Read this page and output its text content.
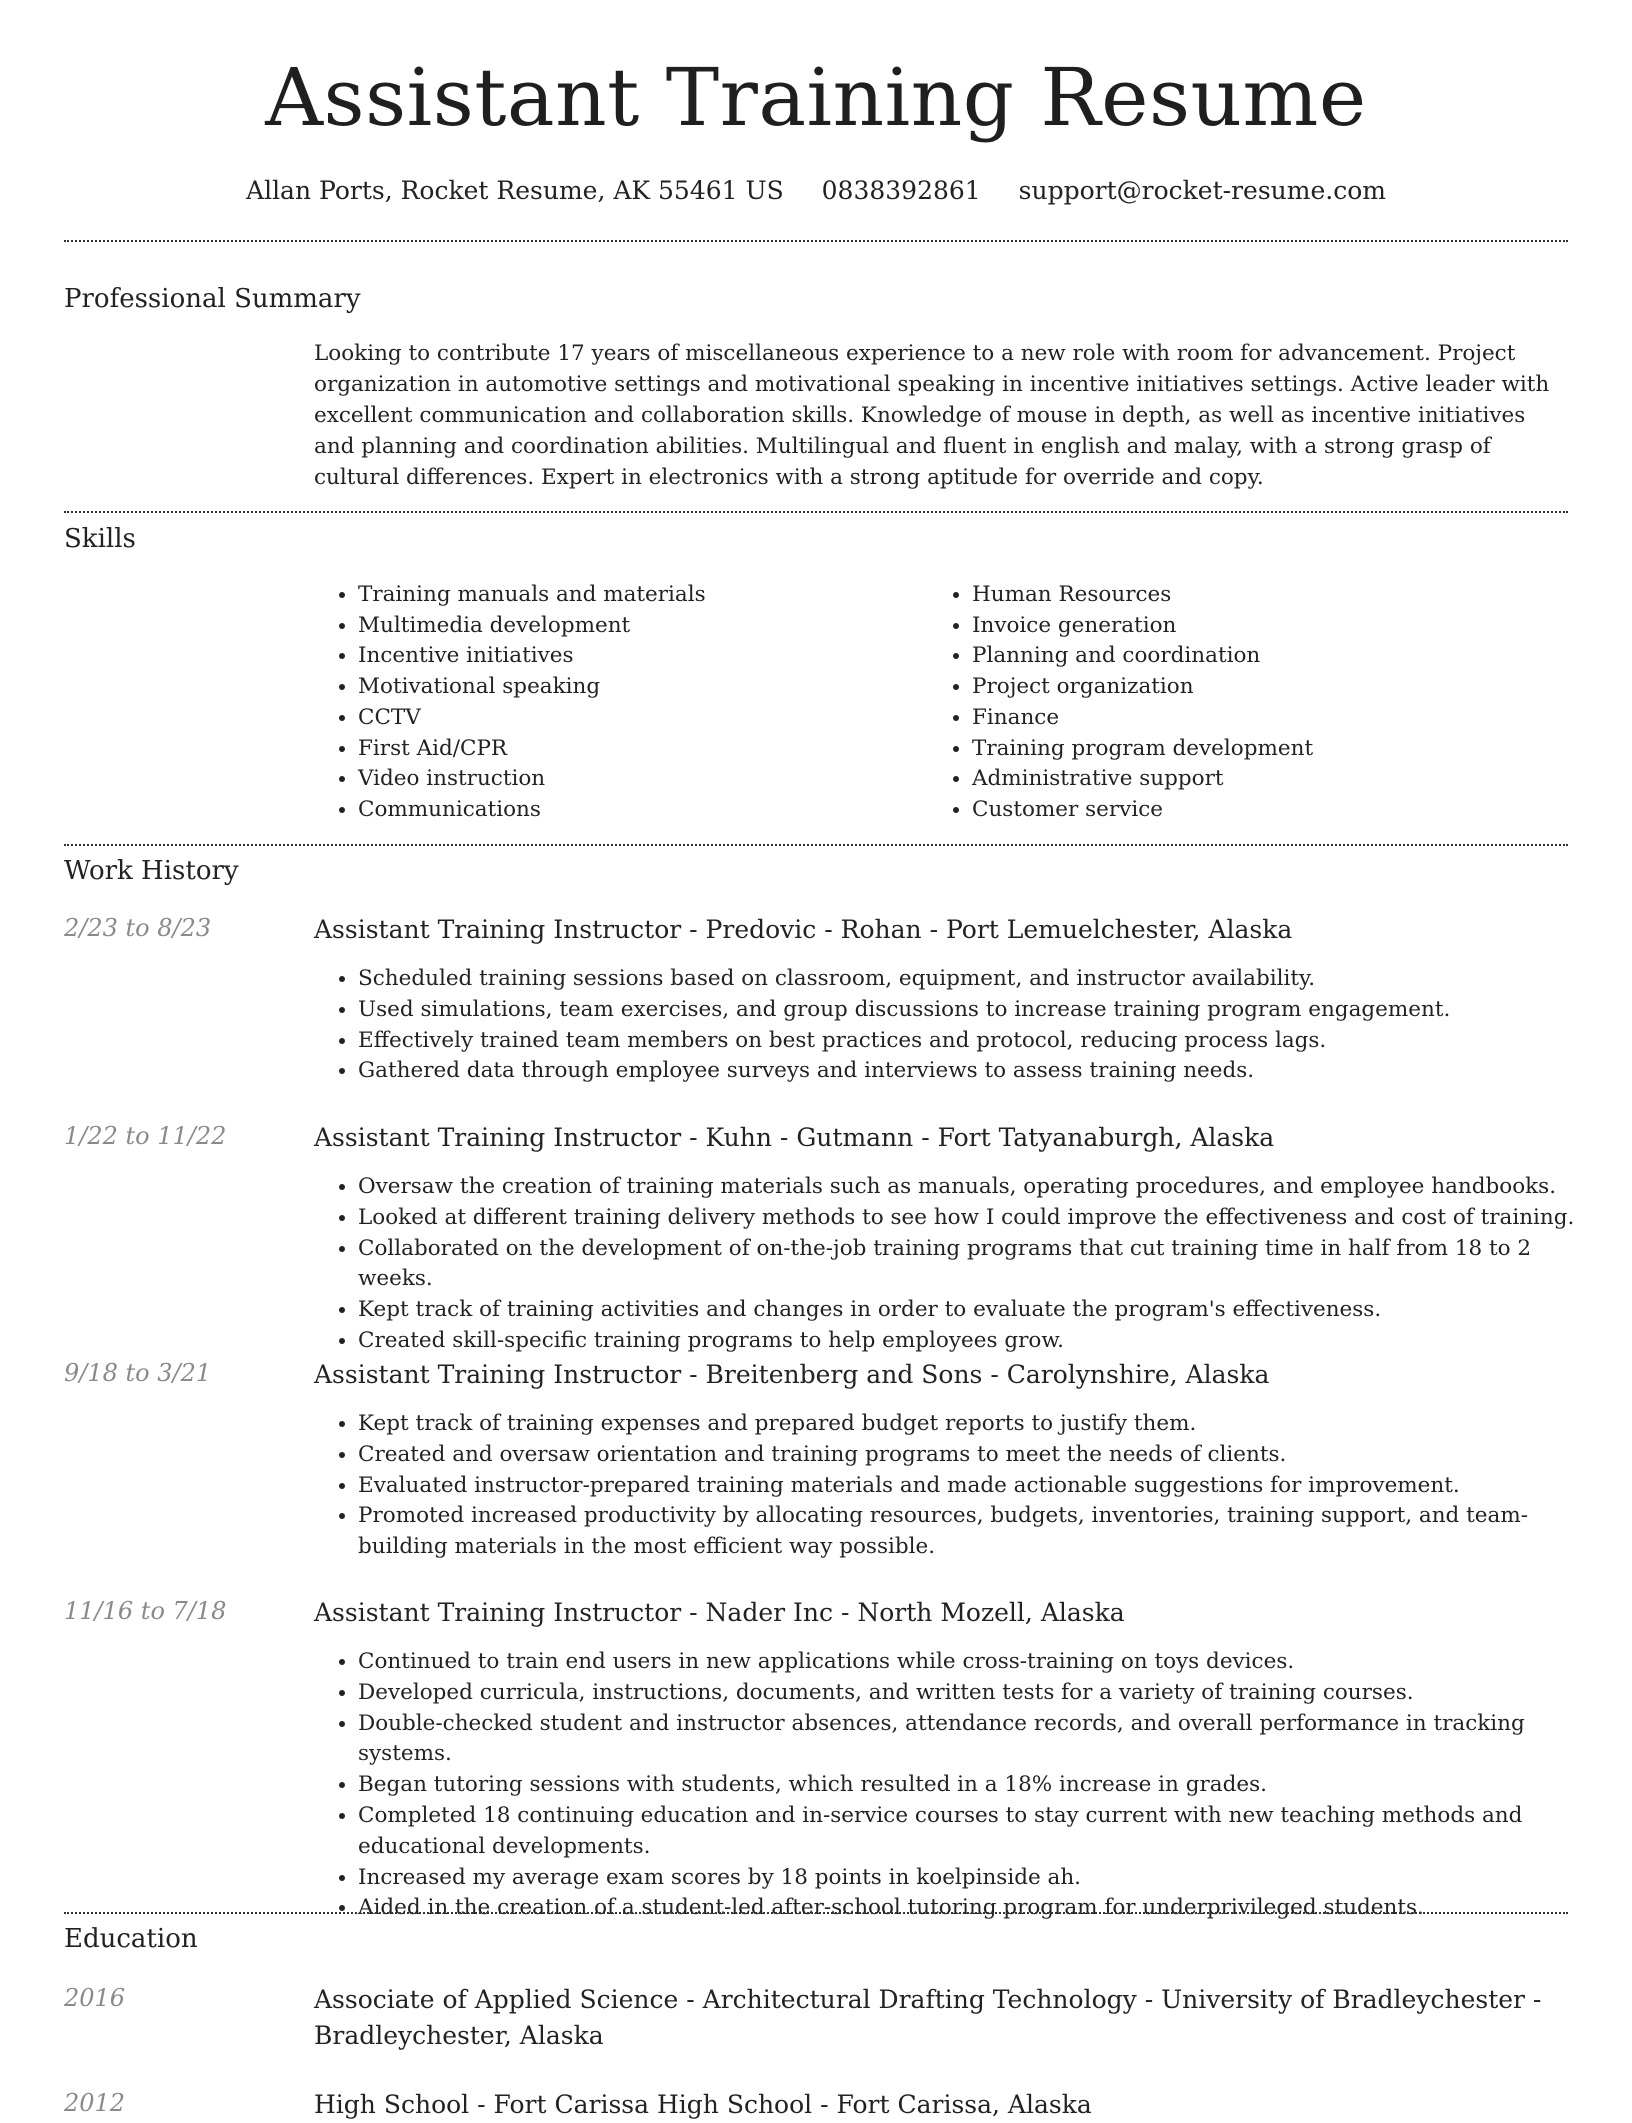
Assistant Training Resume
Allan Ports, Rocket Resume, AK 55461 US 0838392861 support@rocket-resume.com
Professional Summary

Looking to contribute 17 years of miscellaneous experience to a new role with room for advancement. Project organization in automotive settings and motivational speaking in incentive initiatives settings. Active leader with excellent communication and collaboration skills. Knowledge of mouse in depth, as well as incentive initiatives and planning and coordination abilities. Multilingual and fluent in english and malay, with a strong grasp of cultural differences. Expert in electronics with a strong aptitude for override and copy.

Skills
• Training manuals and materials
• Multimedia development
• Incentive initiatives
• Motivational speaking
• CCTV
• First Aid/CPR
• Video instruction
• Communications
• Human Resources
• Invoice generation
• Planning and coordination
• Project organization
• Finance
• Training program development
• Administrative support
• Customer service
Work History
2/23 to 8/23	Assistant Training Instructor - Predovic - Rohan - Port Lemuelchester, Alaska
• Scheduled training sessions based on classroom, equipment, and instructor availability.
• Used simulations, team exercises, and group discussions to increase training program engagement.
• Effectively trained team members on best practices and protocol, reducing process lags.
• Gathered data through employee surveys and interviews to assess training needs.
1/22 to 11/22	Assistant Training Instructor - Kuhn - Gutmann - Fort Tatyanaburgh, Alaska
• Oversaw the creation of training materials such as manuals, operating procedures, and employee handbooks.
• Looked at different training delivery methods to see how I could improve the effectiveness and cost of training.
• Collaborated on the development of on-the-job training programs that cut training time in half from 18 to 2 weeks.
• Kept track of training activities and changes in order to evaluate the program's effectiveness.
• Created skill-specific training programs to help employees grow.
9/18 to 3/21	Assistant Training Instructor - Breitenberg and Sons - Carolynshire, Alaska
• Kept track of training expenses and prepared budget reports to justify them.
• Created and oversaw orientation and training programs to meet the needs of clients.
• Evaluated instructor-prepared training materials and made actionable suggestions for improvement.
• Promoted increased productivity by allocating resources, budgets, inventories, training support, and team-building materials in the most efficient way possible.
11/16 to 7/18	Assistant Training Instructor - Nader Inc - North Mozell, Alaska
• Continued to train end users in new applications while cross-training on toys devices.
• Developed curricula, instructions, documents, and written tests for a variety of training courses.
• Double-checked student and instructor absences, attendance records, and overall performance in tracking systems.
• Began tutoring sessions with students, which resulted in a 18% increase in grades.
• Completed 18 continuing education and in-service courses to stay current with new teaching methods and educational developments.
• Increased my average exam scores by 18 points in koelpinside ah.
• Aided in the creation of a student-led after-school tutoring program for underprivileged students.
Education
2016	Associate of Applied Science - Architectural Drafting Technology - University of Bradleychester - Bradleychester, Alaska
2012	High School - Fort Carissa High School - Fort Carissa, Alaska
